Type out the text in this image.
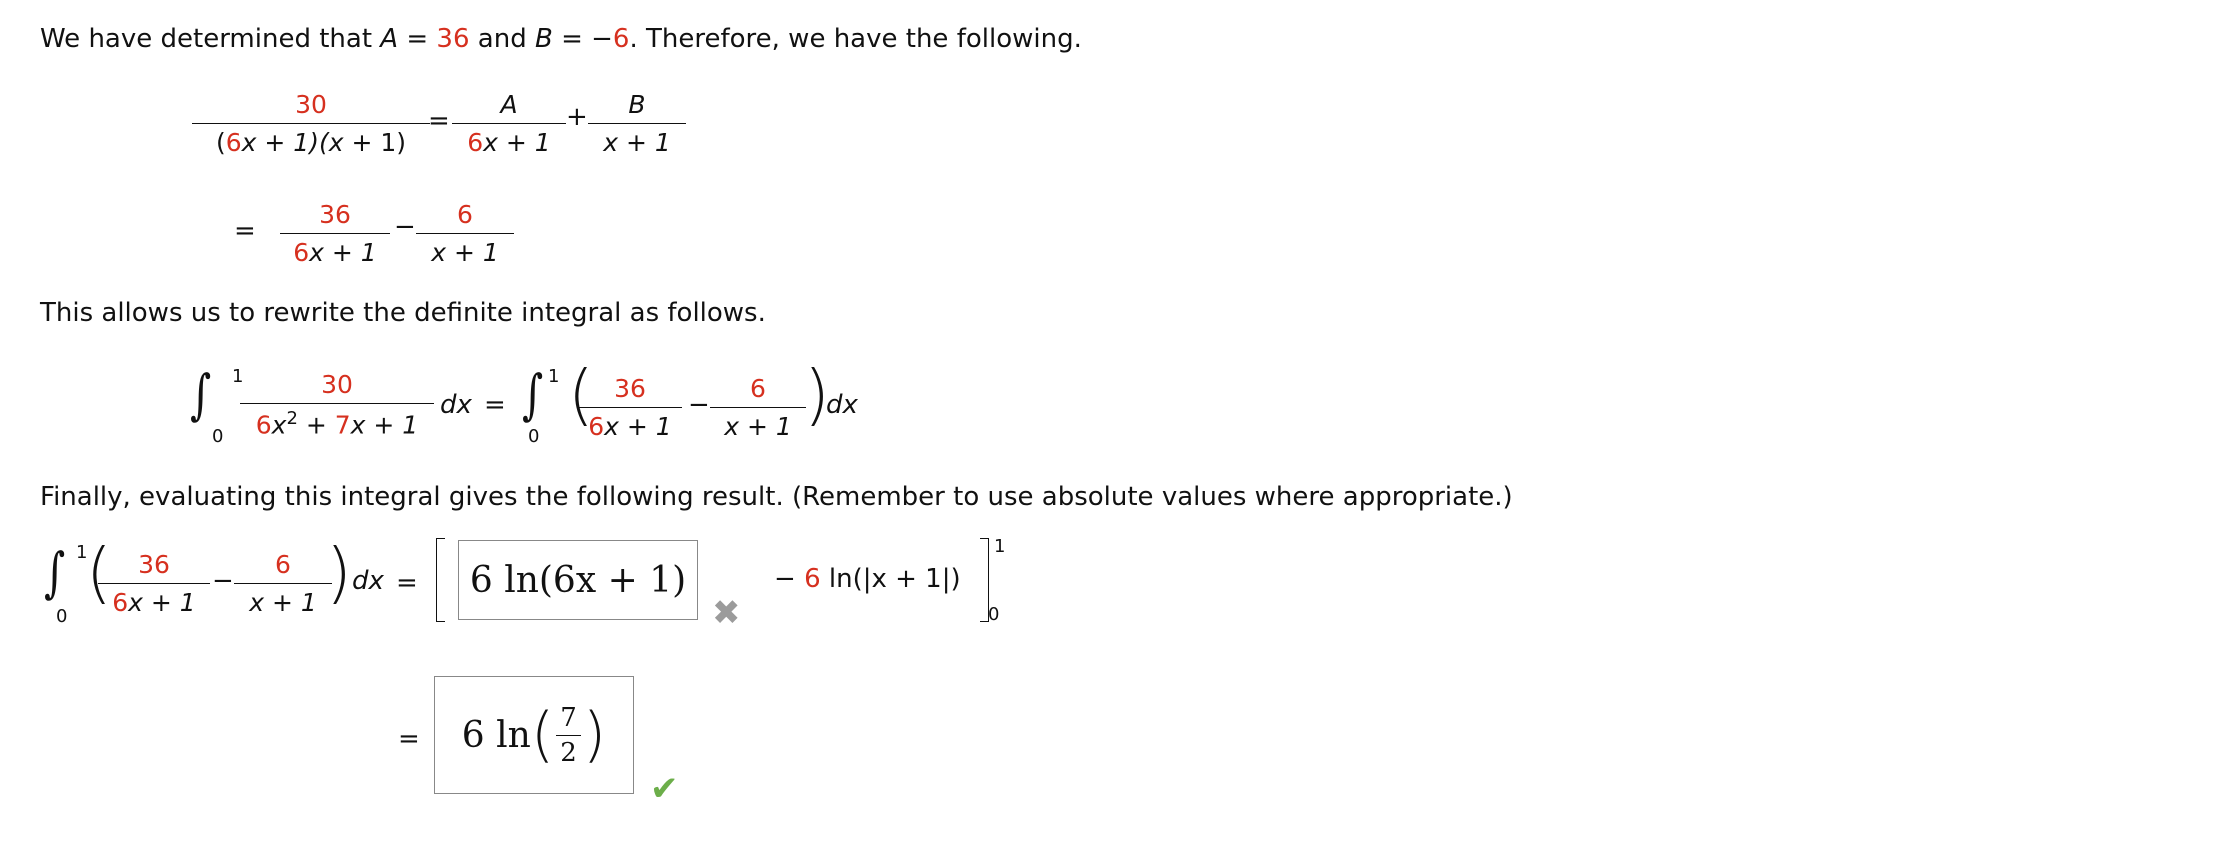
We have determined that A = 36 and B = −6. Therefore, we have the following.
$\frac{30}{(6x + 1)(x + 1)} = \frac{A}{6x + 1} + \frac{B}{x + 1}$
= $\frac{36}{6x + 1} - \frac{6}{x + 1}$
This allows us to rewrite the definite integral as follows.
∫ 1
$0 \frac{30}{6x^2 + 7x + 1}$ dx = ∫ 1
0
(
$\frac{36}{6x + 1} - \frac{6}{x + 1}$ )
dx
Finally, evaluating this integral gives the following result. (Remember to use absolute values where appropriate.)
∫ 1
0
(
$\frac{36}{6x + 1} - \frac{6}{x + 1}$
) dx =	6 ln(6x + 1)
✖
− 6 ln(|x + 1|)
1
0
= 6 ln ( 7
2 )
✔
